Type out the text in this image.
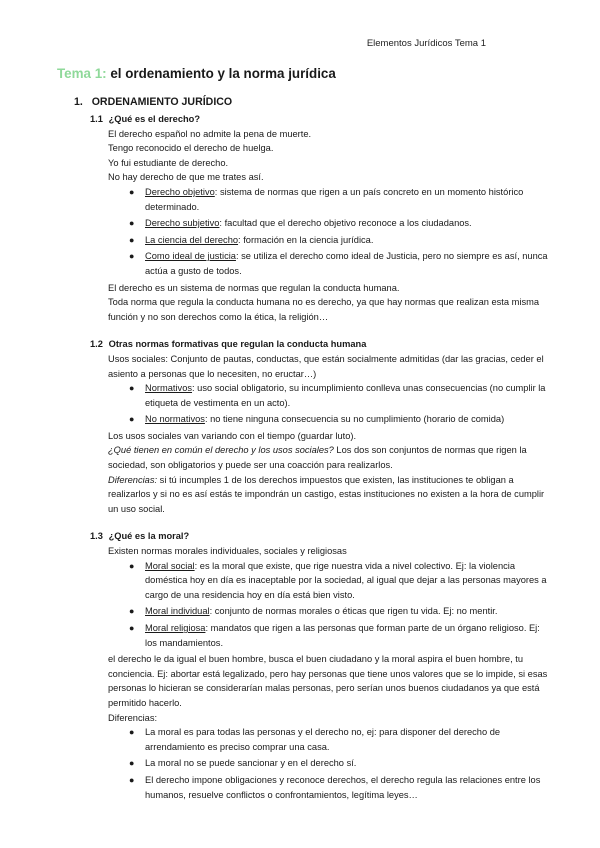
Elementos Jurídicos Tema 1
Tema 1: el ordenamiento y la norma jurídica
1. ORDENAMIENTO JURÍDICO
1.1 ¿Qué es el derecho?
El derecho español no admite la pena de muerte.
Tengo reconocido el derecho de huelga.
Yo fui estudiante de derecho.
No hay derecho de que me trates así.
● Derecho objetivo: sistema de normas que rigen a un país concreto en un momento histórico determinado.
● Derecho subjetivo: facultad que el derecho objetivo reconoce a los ciudadanos.
● La ciencia del derecho: formación en la ciencia jurídica.
● Como ideal de justicia: se utiliza el derecho como ideal de Justicia, pero no siempre es así, nunca actúa a gusto de todos.
El derecho es un sistema de normas que regulan la conducta humana.
Toda norma que regula la conducta humana no es derecho, ya que hay normas que realizan esta misma función y no son derechos como la ética, la religión…
1.2 Otras normas formativas que regulan la conducta humana
Usos sociales: Conjunto de pautas, conductas, que están socialmente admitidas (dar las gracias, ceder el asiento a personas que lo necesiten, no eructar…)
● Normativos: uso social obligatorio, su incumplimiento conlleva unas consecuencias (no cumplir la etiqueta de vestimenta en un acto).
● No normativos: no tiene ninguna consecuencia su no cumplimiento (horario de comida)
Los usos sociales van variando con el tiempo (guardar luto).
¿Qué tienen en común el derecho y los usos sociales? Los dos son conjuntos de normas que rigen la sociedad, son obligatorios y puede ser una coacción para realizarlos.
Diferencias: si tú incumples 1 de los derechos impuestos que existen, las instituciones te obligan a realizarlos y si no es así estás te impondrán un castigo, estas instituciones no existen a la hora de cumplir un uso social.
1.3 ¿Qué es la moral?
Existen normas morales individuales, sociales y religiosas
● Moral social: es la moral que existe, que rige nuestra vida a nivel colectivo. Ej: la violencia doméstica hoy en día es inaceptable por la sociedad, al igual que dejar a las personas mayores a cargo de una residencia hoy en día está bien visto.
● Moral individual: conjunto de normas morales o éticas que rigen tu vida. Ej: no mentir.
● Moral religiosa: mandatos que rigen a las personas que forman parte de un órgano religioso. Ej: los mandamientos.
el derecho le da igual el buen hombre, busca el buen ciudadano y la moral aspira el buen hombre, tu conciencia. Ej: abortar está legalizado, pero hay personas que tiene unos valores que se lo impide, si esas personas lo hicieran se considerarían malas personas, pero serían unos buenos ciudadanos ya que está permitido hacerlo.
Diferencias:
● La moral es para todas las personas y el derecho no, ej: para disponer del derecho de arrendamiento es preciso comprar una casa.
● La moral no se puede sancionar y en el derecho sí.
● El derecho impone obligaciones y reconoce derechos, el derecho regula las relaciones entre los humanos, resuelve conflictos o confrontamientos, legítima leyes…
